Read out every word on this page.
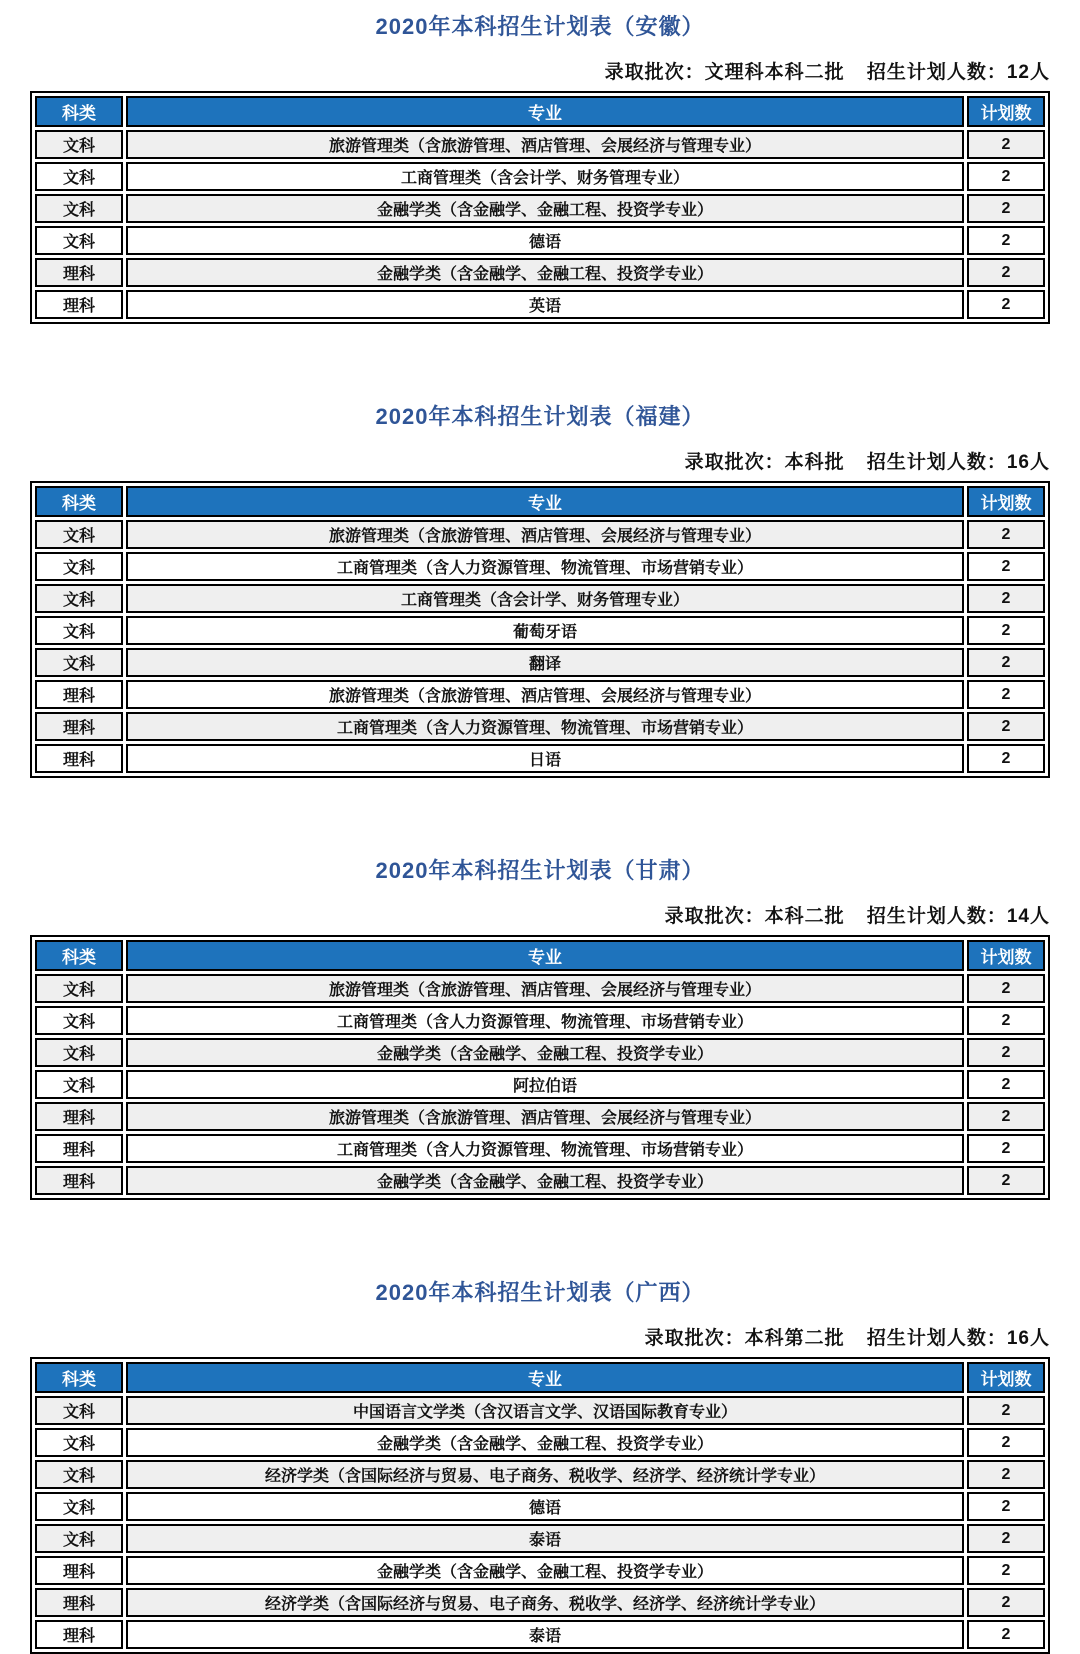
2020年本科招生计划表（安徽）

录取批次：文理科本科二批 招生计划人数：12人

科类	专业	计划数
文科	旅游管理类（含旅游管理、酒店管理、会展经济与管理专业）	2
文科	工商管理类（含会计学、财务管理专业）	2
文科	金融学类（含金融学、金融工程、投资学专业）	2
文科	德语	2
理科	金融学类（含金融学、金融工程、投资学专业）	2
理科	英语	2
2020年本科招生计划表（福建）

录取批次：本科批 招生计划人数：16人

科类	专业	计划数
文科	旅游管理类（含旅游管理、酒店管理、会展经济与管理专业）	2
文科	工商管理类（含人力资源管理、物流管理、市场营销专业）	2
文科	工商管理类（含会计学、财务管理专业）	2
文科	葡萄牙语	2
文科	翻译	2
理科	旅游管理类（含旅游管理、酒店管理、会展经济与管理专业）	2
理科	工商管理类（含人力资源管理、物流管理、市场营销专业）	2
理科	日语	2
2020年本科招生计划表（甘肃）

录取批次：本科二批 招生计划人数：14人

科类	专业	计划数
文科	旅游管理类（含旅游管理、酒店管理、会展经济与管理专业）	2
文科	工商管理类（含人力资源管理、物流管理、市场营销专业）	2
文科	金融学类（含金融学、金融工程、投资学专业）	2
文科	阿拉伯语	2
理科	旅游管理类（含旅游管理、酒店管理、会展经济与管理专业）	2
理科	工商管理类（含人力资源管理、物流管理、市场营销专业）	2
理科	金融学类（含金融学、金融工程、投资学专业）	2
2020年本科招生计划表（广西）

录取批次：本科第二批 招生计划人数：16人

科类	专业	计划数
文科	中国语言文学类（含汉语言文学、汉语国际教育专业）	2
文科	金融学类（含金融学、金融工程、投资学专业）	2
文科	经济学类（含国际经济与贸易、电子商务、税收学、经济学、经济统计学专业）	2
文科	德语	2
文科	泰语	2
理科	金融学类（含金融学、金融工程、投资学专业）	2
理科	经济学类（含国际经济与贸易、电子商务、税收学、经济学、经济统计学专业）	2
理科	泰语	2
